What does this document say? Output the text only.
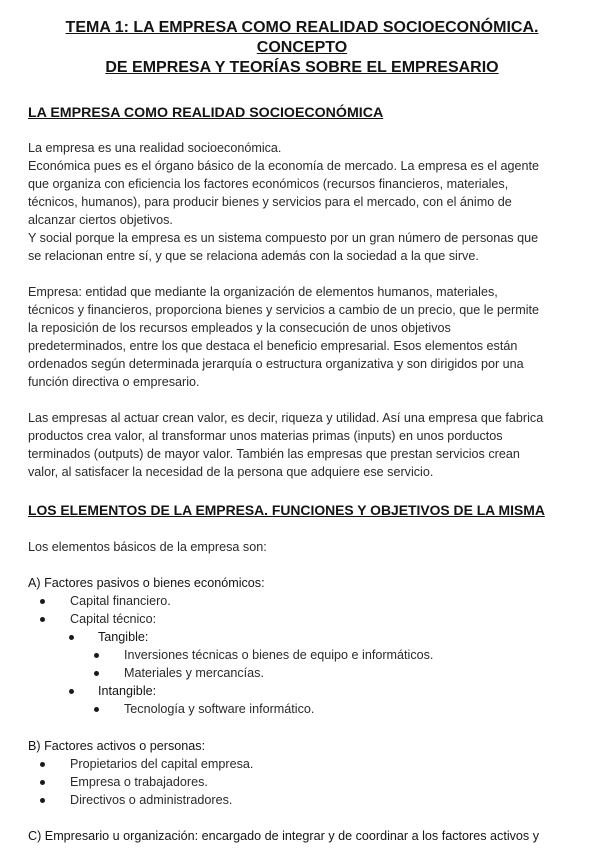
TEMA 1: LA EMPRESA COMO REALIDAD SOCIOECONÓMICA. CONCEPTO
DE EMPRESA Y TEORÍAS SOBRE EL EMPRESARIO
LA EMPRESA COMO REALIDAD SOCIOECONÓMICA

La empresa es una realidad socioeconómica.
Económica pues es el órgano básico de la economía de mercado. La empresa es el agente
que organiza con eficiencia los factores económicos (recursos financieros, materiales,
técnicos, humanos), para producir bienes y servicios para el mercado, con el ánimo de
alcanzar ciertos objetivos.
Y social porque la empresa es un sistema compuesto por un gran número de personas que
se relacionan entre sí, y que se relaciona además con la sociedad a la que sirve.

Empresa: entidad que mediante la organización de elementos humanos, materiales,
técnicos y financieros, proporciona bienes y servicios a cambio de un precio, que le permite
la reposición de los recursos empleados y la consecución de unos objetivos
predeterminados, entre los que destaca el beneficio empresarial. Esos elementos están
ordenados según determinada jerarquía o estructura organizativa y son dirigidos por una
función directiva o empresario.

Las empresas al actuar crean valor, es decir, riqueza y utilidad. Así una empresa que fabrica
productos crea valor, al transformar unos materias primas (inputs) en unos porductos
terminados (outputs) de mayor valor. También las empresas que prestan servicios crean
valor, al satisfacer la necesidad de la persona que adquiere ese servicio.

LOS ELEMENTOS DE LA EMPRESA. FUNCIONES Y OBJETIVOS DE LA MISMA

Los elementos básicos de la empresa son:

A) Factores pasivos o bienes económicos:

Capital financiero.
Capital técnico:
Tangible:
Inversiones técnicas o bienes de equipo e informáticos.
Materiales y mercancías.
Intangible:
Tecnología y software informático.

B) Factores activos o personas:

Propietarios del capital empresa.
Empresa o trabajadores.
Directivos o administradores.

C) Empresario u organización: encargado de integrar y de coordinar a los factores activos y
